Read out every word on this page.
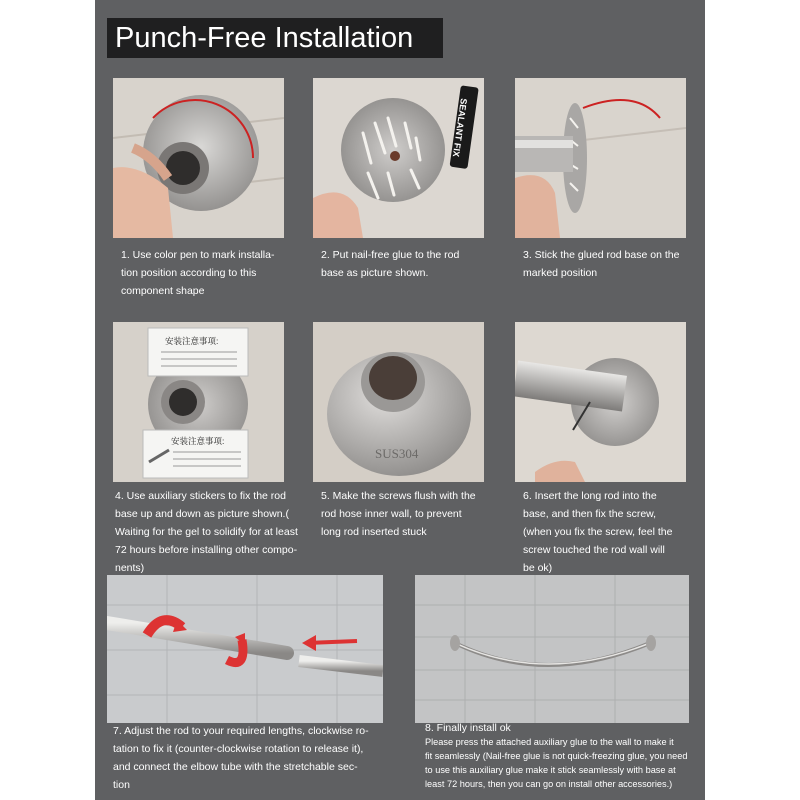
Punch-Free Installation
1. Use color pen to mark installa-
tion position according to this
component shape
SEALANT FIX
2. Put nail-free glue to the rod
base as picture shown.
3. Stick the glued rod base on the
marked position
安装注意事项:
安装注意事项:
4. Use auxiliary stickers to fix the rod
base up and down as picture shown.(
Waiting for the gel to solidify for at least
72 hours before installing other compo-
nents)
SUS304
5. Make the screws flush with the
rod hose inner wall, to prevent
long rod inserted stuck
6. Insert the long rod into the
base, and then fix the screw,
(when you fix the screw, feel the
screw touched the rod wall will
be ok)
7. Adjust the rod to your required lengths, clockwise ro-
tation to fix it (counter-clockwise rotation to release it),
and connect the elbow tube with the stretchable sec-
tion
8. Finally install ok
Please press the attached auxiliary glue to the wall to make it
fit seamlessly (Nail-free glue is not quick-freezing glue, you need
to use this auxiliary glue make it stick seamlessly with base at
least 72 hours, then you can go on install other accessories.)
